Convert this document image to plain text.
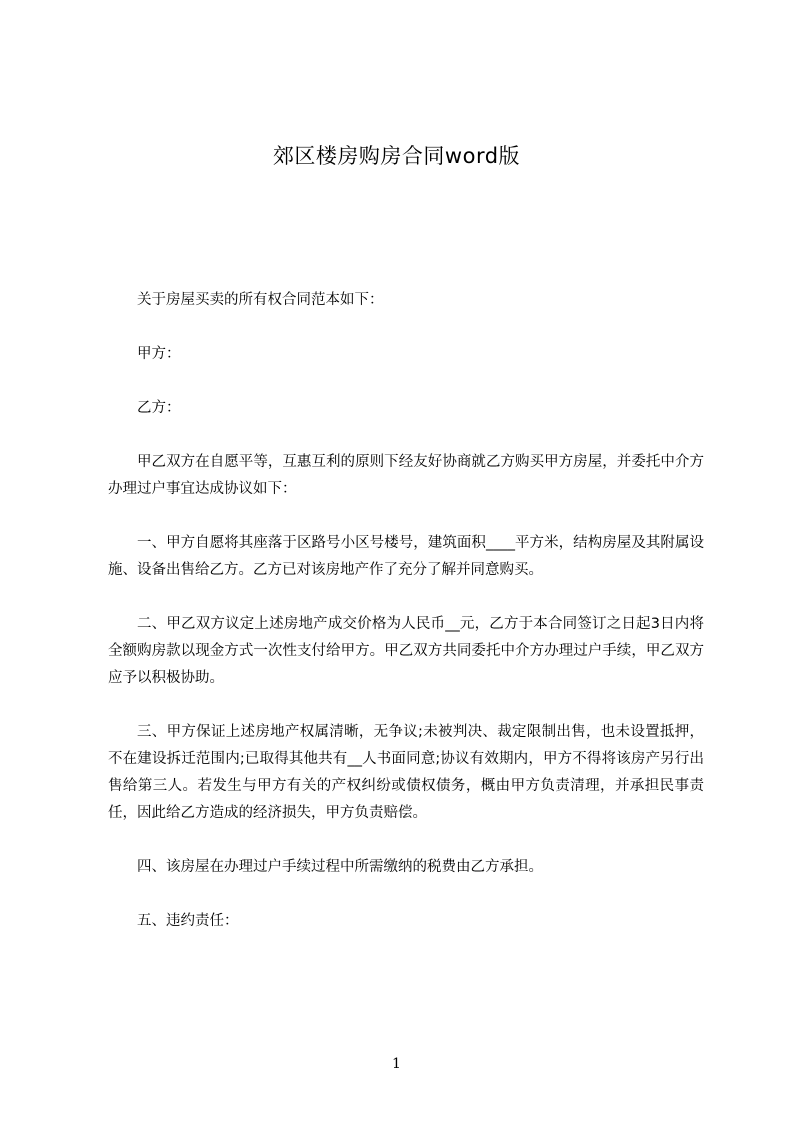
郊区楼房购房合同word版

关于房屋买卖的所有权合同范本如下：

甲方：

乙方：

甲乙双方在自愿平等，互惠互利的原则下经友好协商就乙方购买甲方房屋，并委托中介方办理过户事宜达成协议如下：

一、甲方自愿将其座落于区路号小区号楼号，建筑面积____平方米，结构房屋及其附属设施、设备出售给乙方。乙方已对该房地产作了充分了解并同意购买。

二、甲乙双方议定上述房地产成交价格为人民币__元，乙方于本合同签订之日起3日内将全额购房款以现金方式一次性支付给甲方。甲乙双方共同委托中介方办理过户手续，甲乙双方应予以积极协助。

三、甲方保证上述房地产权属清晰，无争议;未被判决、裁定限制出售，也未设置抵押，不在建设拆迁范围内;已取得其他共有__人书面同意;协议有效期内，甲方不得将该房产另行出售给第三人。若发生与甲方有关的产权纠纷或债权债务，概由甲方负责清理，并承担民事责任，因此给乙方造成的经济损失，甲方负责赔偿。

四、该房屋在办理过户手续过程中所需缴纳的税费由乙方承担。

五、违约责任：

1
